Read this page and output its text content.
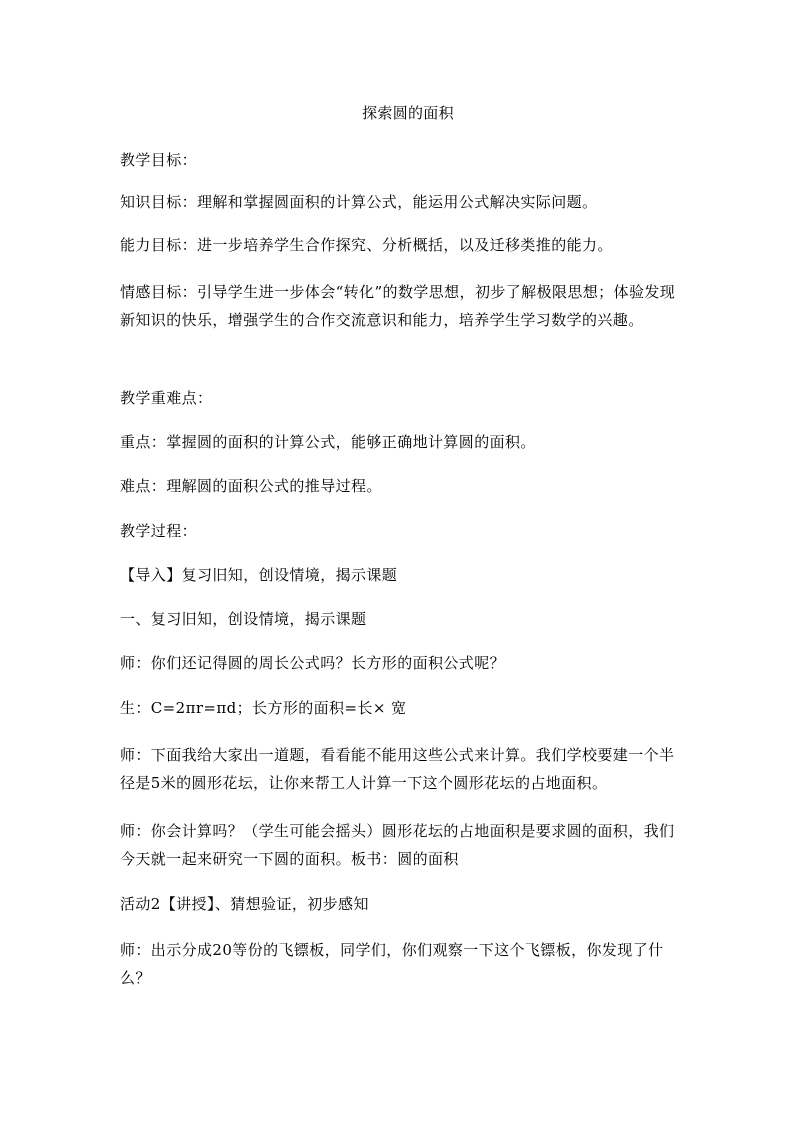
探索圆的面积

教学目标：

知识目标：理解和掌握圆面积的计算公式，能运用公式解决实际问题。

能力目标：进一步培养学生合作探究、分析概括，以及迁移类推的能力。

情感目标：引导学生进一步体会“转化”的数学思想，初步了解极限思想；体验发现新知识的快乐，增强学生的合作交流意识和能力，培养学生学习数学的兴趣。

教学重难点：

重点：掌握圆的面积的计算公式，能够正确地计算圆的面积。

难点：理解圆的面积公式的推导过程。

教学过程：

【导入】复习旧知，创设情境，揭示课题

一、复习旧知，创设情境，揭示课题

师：你们还记得圆的周长公式吗？长方形的面积公式呢？

生：C=2πr=πd；长方形的面积=长× 宽

师：下面我给大家出一道题，看看能不能用这些公式来计算。我们学校要建一个半径是5米的圆形花坛，让你来帮工人计算一下这个圆形花坛的占地面积。

师：你会计算吗？（学生可能会摇头）圆形花坛的占地面积是要求圆的面积，我们今天就一起来研究一下圆的面积。板书：圆的面积

活动2【讲授】、猜想验证，初步感知

师：出示分成20等份的飞镖板，同学们，你们观察一下这个飞镖板，你发现了什么？
